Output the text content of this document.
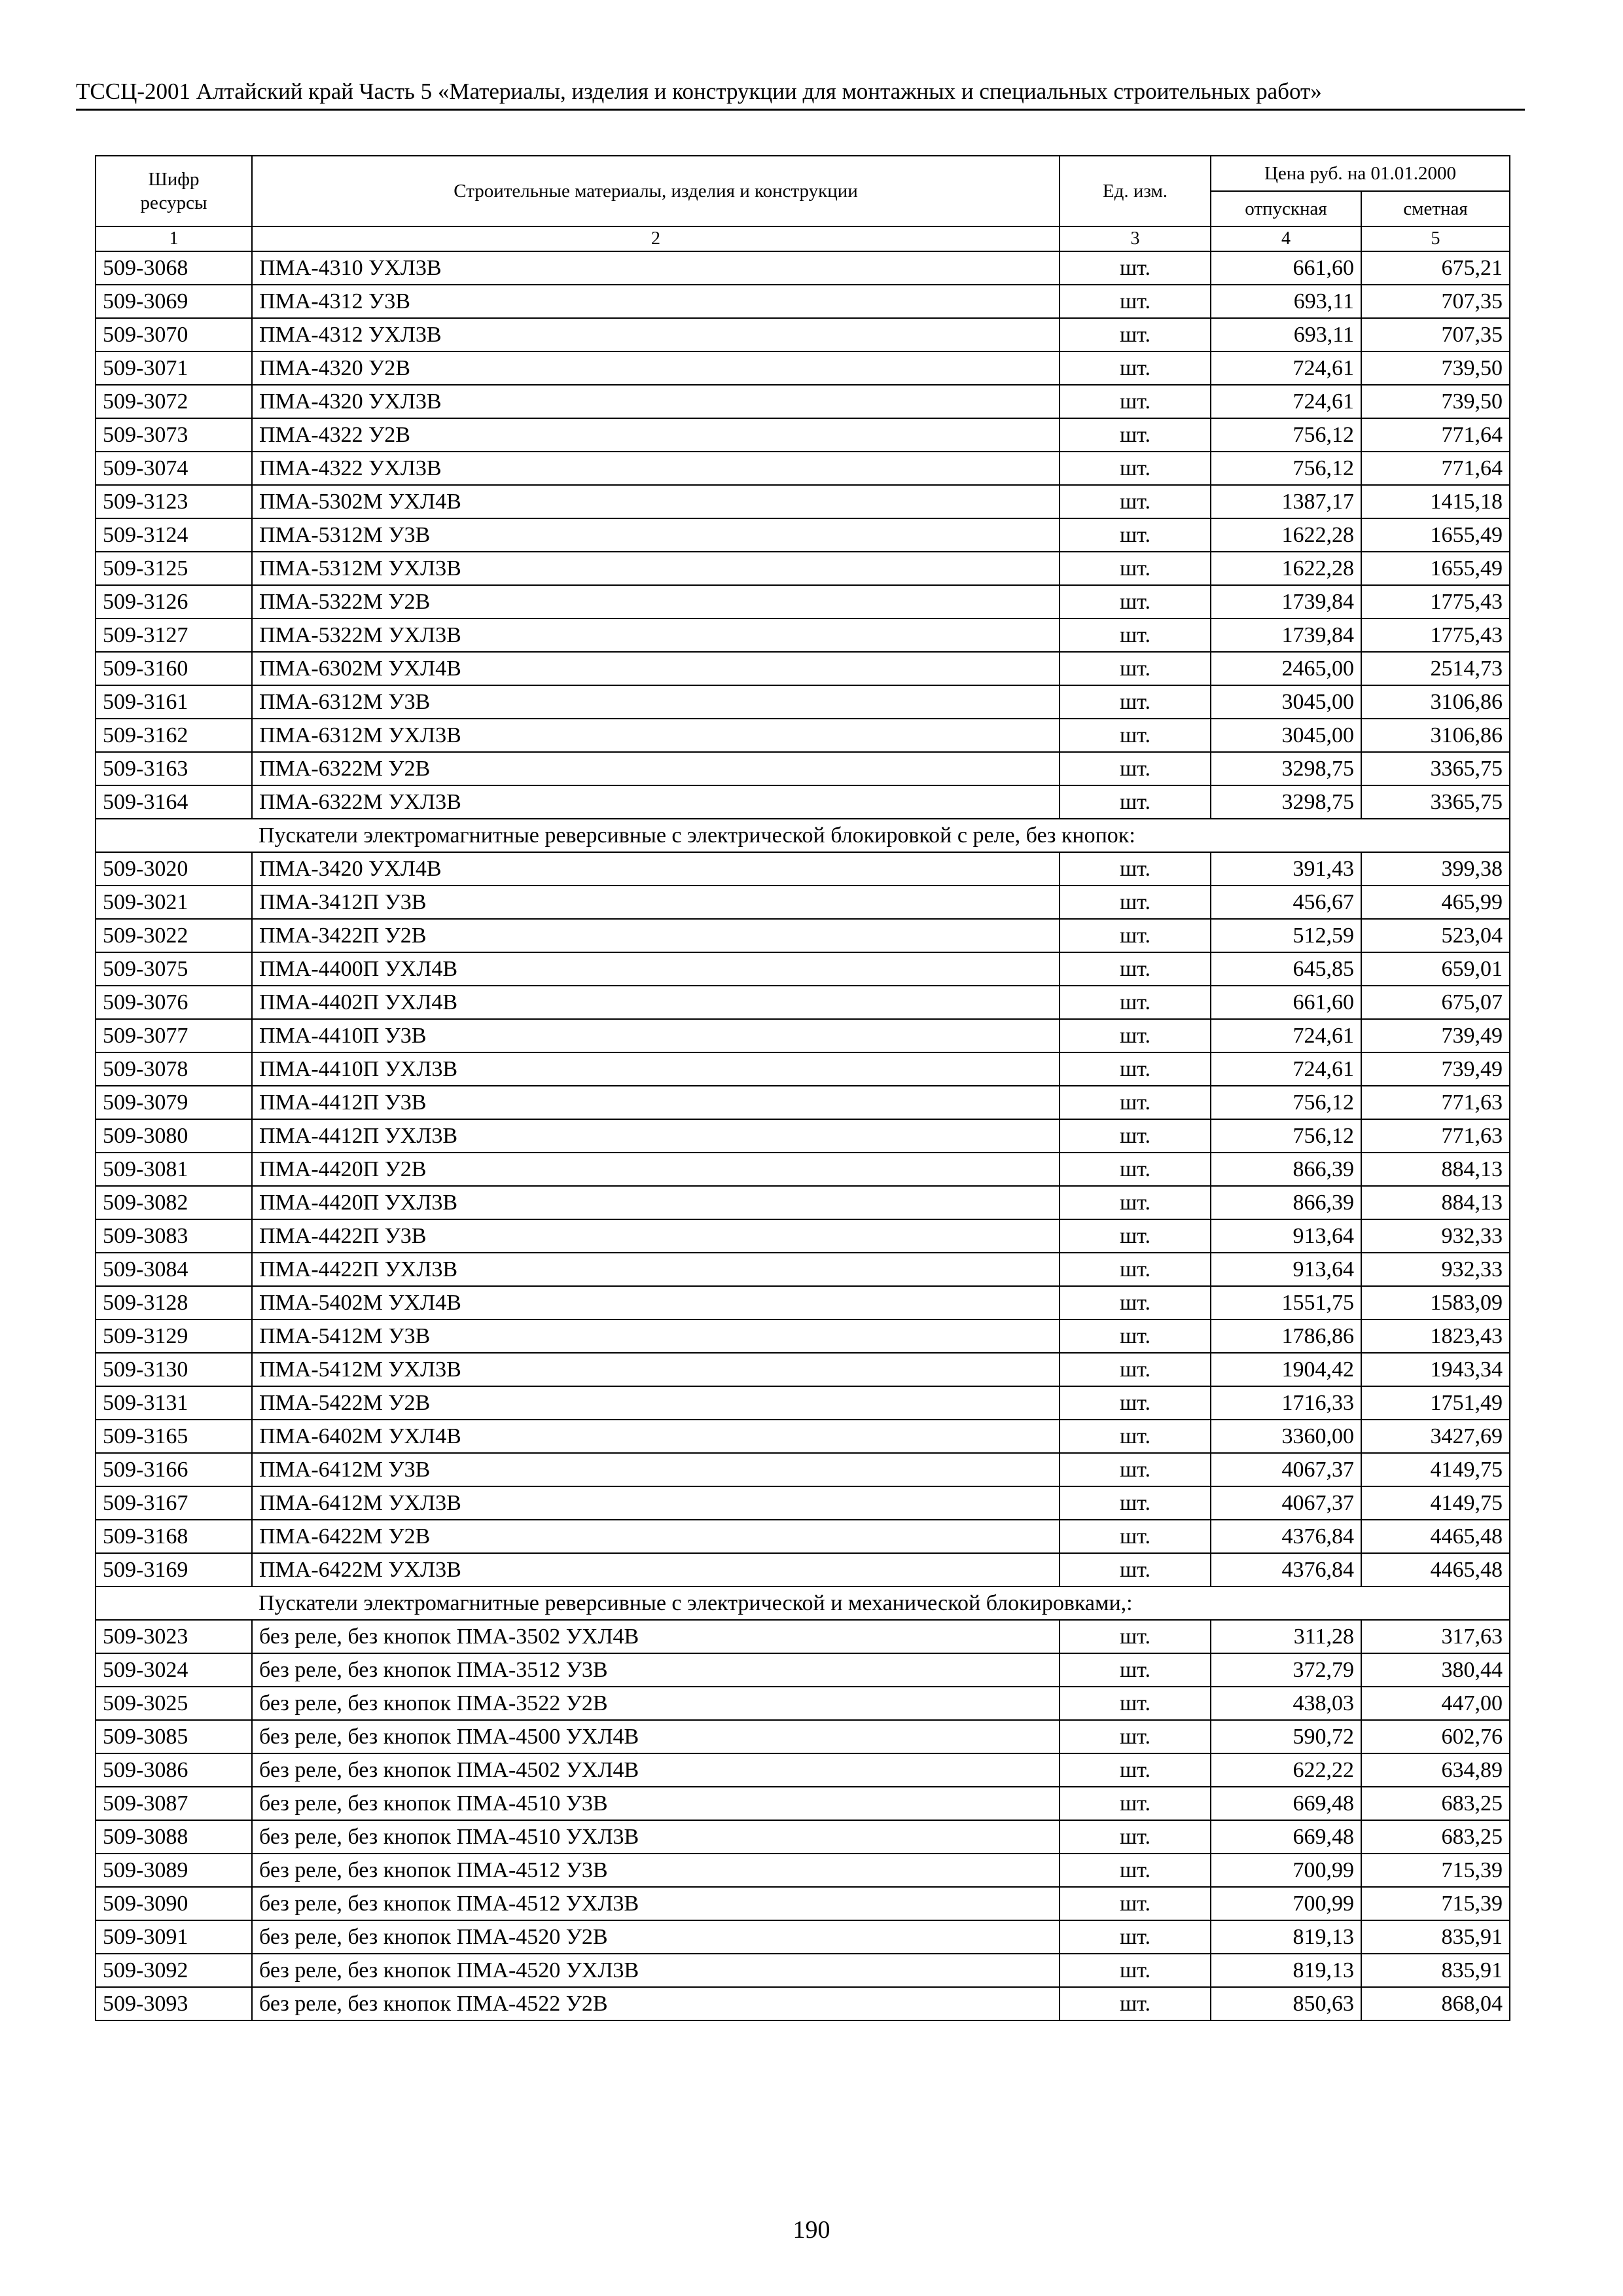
ТССЦ-2001 Алтайский край Часть 5 «Материалы, изделия и конструкции для монтажных и специальных строительных работ»
Шифр ресурсы	Строительные материалы, изделия и конструкции	Ед. изм.	Цена руб. на 01.01.2000	
			отпускная	сметная
1	2	3	4	5
509-3068	ПМА-4310 УХЛ3В	шт.	661,60	675,21
509-3069	ПМА-4312 У3В	шт.	693,11	707,35
509-3070	ПМА-4312 УХЛ3В	шт.	693,11	707,35
509-3071	ПМА-4320 У2В	шт.	724,61	739,50
509-3072	ПМА-4320 УХЛ3В	шт.	724,61	739,50
509-3073	ПМА-4322 У2В	шт.	756,12	771,64
509-3074	ПМА-4322 УХЛ3В	шт.	756,12	771,64
509-3123	ПМА-5302М УХЛ4В	шт.	1387,17	1415,18
509-3124	ПМА-5312М У3В	шт.	1622,28	1655,49
509-3125	ПМА-5312М УХЛ3В	шт.	1622,28	1655,49
509-3126	ПМА-5322М У2В	шт.	1739,84	1775,43
509-3127	ПМА-5322М УХЛ3В	шт.	1739,84	1775,43
509-3160	ПМА-6302М УХЛ4В	шт.	2465,00	2514,73
509-3161	ПМА-6312М У3В	шт.	3045,00	3106,86
509-3162	ПМА-6312М УХЛ3В	шт.	3045,00	3106,86
509-3163	ПМА-6322М У2В	шт.	3298,75	3365,75
509-3164	ПМА-6322М УХЛ3В	шт.	3298,75	3365,75
Пускатели электромагнитные реверсивные с электрической блокировкой с реле, без кнопок:				
509-3020	ПМА-3420 УХЛ4В	шт.	391,43	399,38
509-3021	ПМА-3412П У3В	шт.	456,67	465,99
509-3022	ПМА-3422П У2В	шт.	512,59	523,04
509-3075	ПМА-4400П УХЛ4В	шт.	645,85	659,01
509-3076	ПМА-4402П УХЛ4В	шт.	661,60	675,07
509-3077	ПМА-4410П У3В	шт.	724,61	739,49
509-3078	ПМА-4410П УХЛ3В	шт.	724,61	739,49
509-3079	ПМА-4412П У3В	шт.	756,12	771,63
509-3080	ПМА-4412П УХЛ3В	шт.	756,12	771,63
509-3081	ПМА-4420П У2В	шт.	866,39	884,13
509-3082	ПМА-4420П УХЛ3В	шт.	866,39	884,13
509-3083	ПМА-4422П У3В	шт.	913,64	932,33
509-3084	ПМА-4422П УХЛ3В	шт.	913,64	932,33
509-3128	ПМА-5402М УХЛ4В	шт.	1551,75	1583,09
509-3129	ПМА-5412М У3В	шт.	1786,86	1823,43
509-3130	ПМА-5412М УХЛ3В	шт.	1904,42	1943,34
509-3131	ПМА-5422М У2В	шт.	1716,33	1751,49
509-3165	ПМА-6402М УХЛ4В	шт.	3360,00	3427,69
509-3166	ПМА-6412М У3В	шт.	4067,37	4149,75
509-3167	ПМА-6412М УХЛ3В	шт.	4067,37	4149,75
509-3168	ПМА-6422М У2В	шт.	4376,84	4465,48
509-3169	ПМА-6422М УХЛ3В	шт.	4376,84	4465,48
Пускатели электромагнитные реверсивные с электрической и механической блокировками,:				
509-3023	без реле, без кнопок ПМА-3502 УХЛ4В	шт.	311,28	317,63
509-3024	без реле, без кнопок ПМА-3512 У3В	шт.	372,79	380,44
509-3025	без реле, без кнопок ПМА-3522 У2В	шт.	438,03	447,00
509-3085	без реле, без кнопок ПМА-4500 УХЛ4В	шт.	590,72	602,76
509-3086	без реле, без кнопок ПМА-4502 УХЛ4В	шт.	622,22	634,89
509-3087	без реле, без кнопок ПМА-4510 У3В	шт.	669,48	683,25
509-3088	без реле, без кнопок ПМА-4510 УХЛ3В	шт.	669,48	683,25
509-3089	без реле, без кнопок ПМА-4512 У3В	шт.	700,99	715,39
509-3090	без реле, без кнопок ПМА-4512 УХЛ3В	шт.	700,99	715,39
509-3091	без реле, без кнопок ПМА-4520 У2В	шт.	819,13	835,91
509-3092	без реле, без кнопок ПМА-4520 УХЛ3В	шт.	819,13	835,91
509-3093	без реле, без кнопок ПМА-4522 У2В	шт.	850,63	868,04
190
